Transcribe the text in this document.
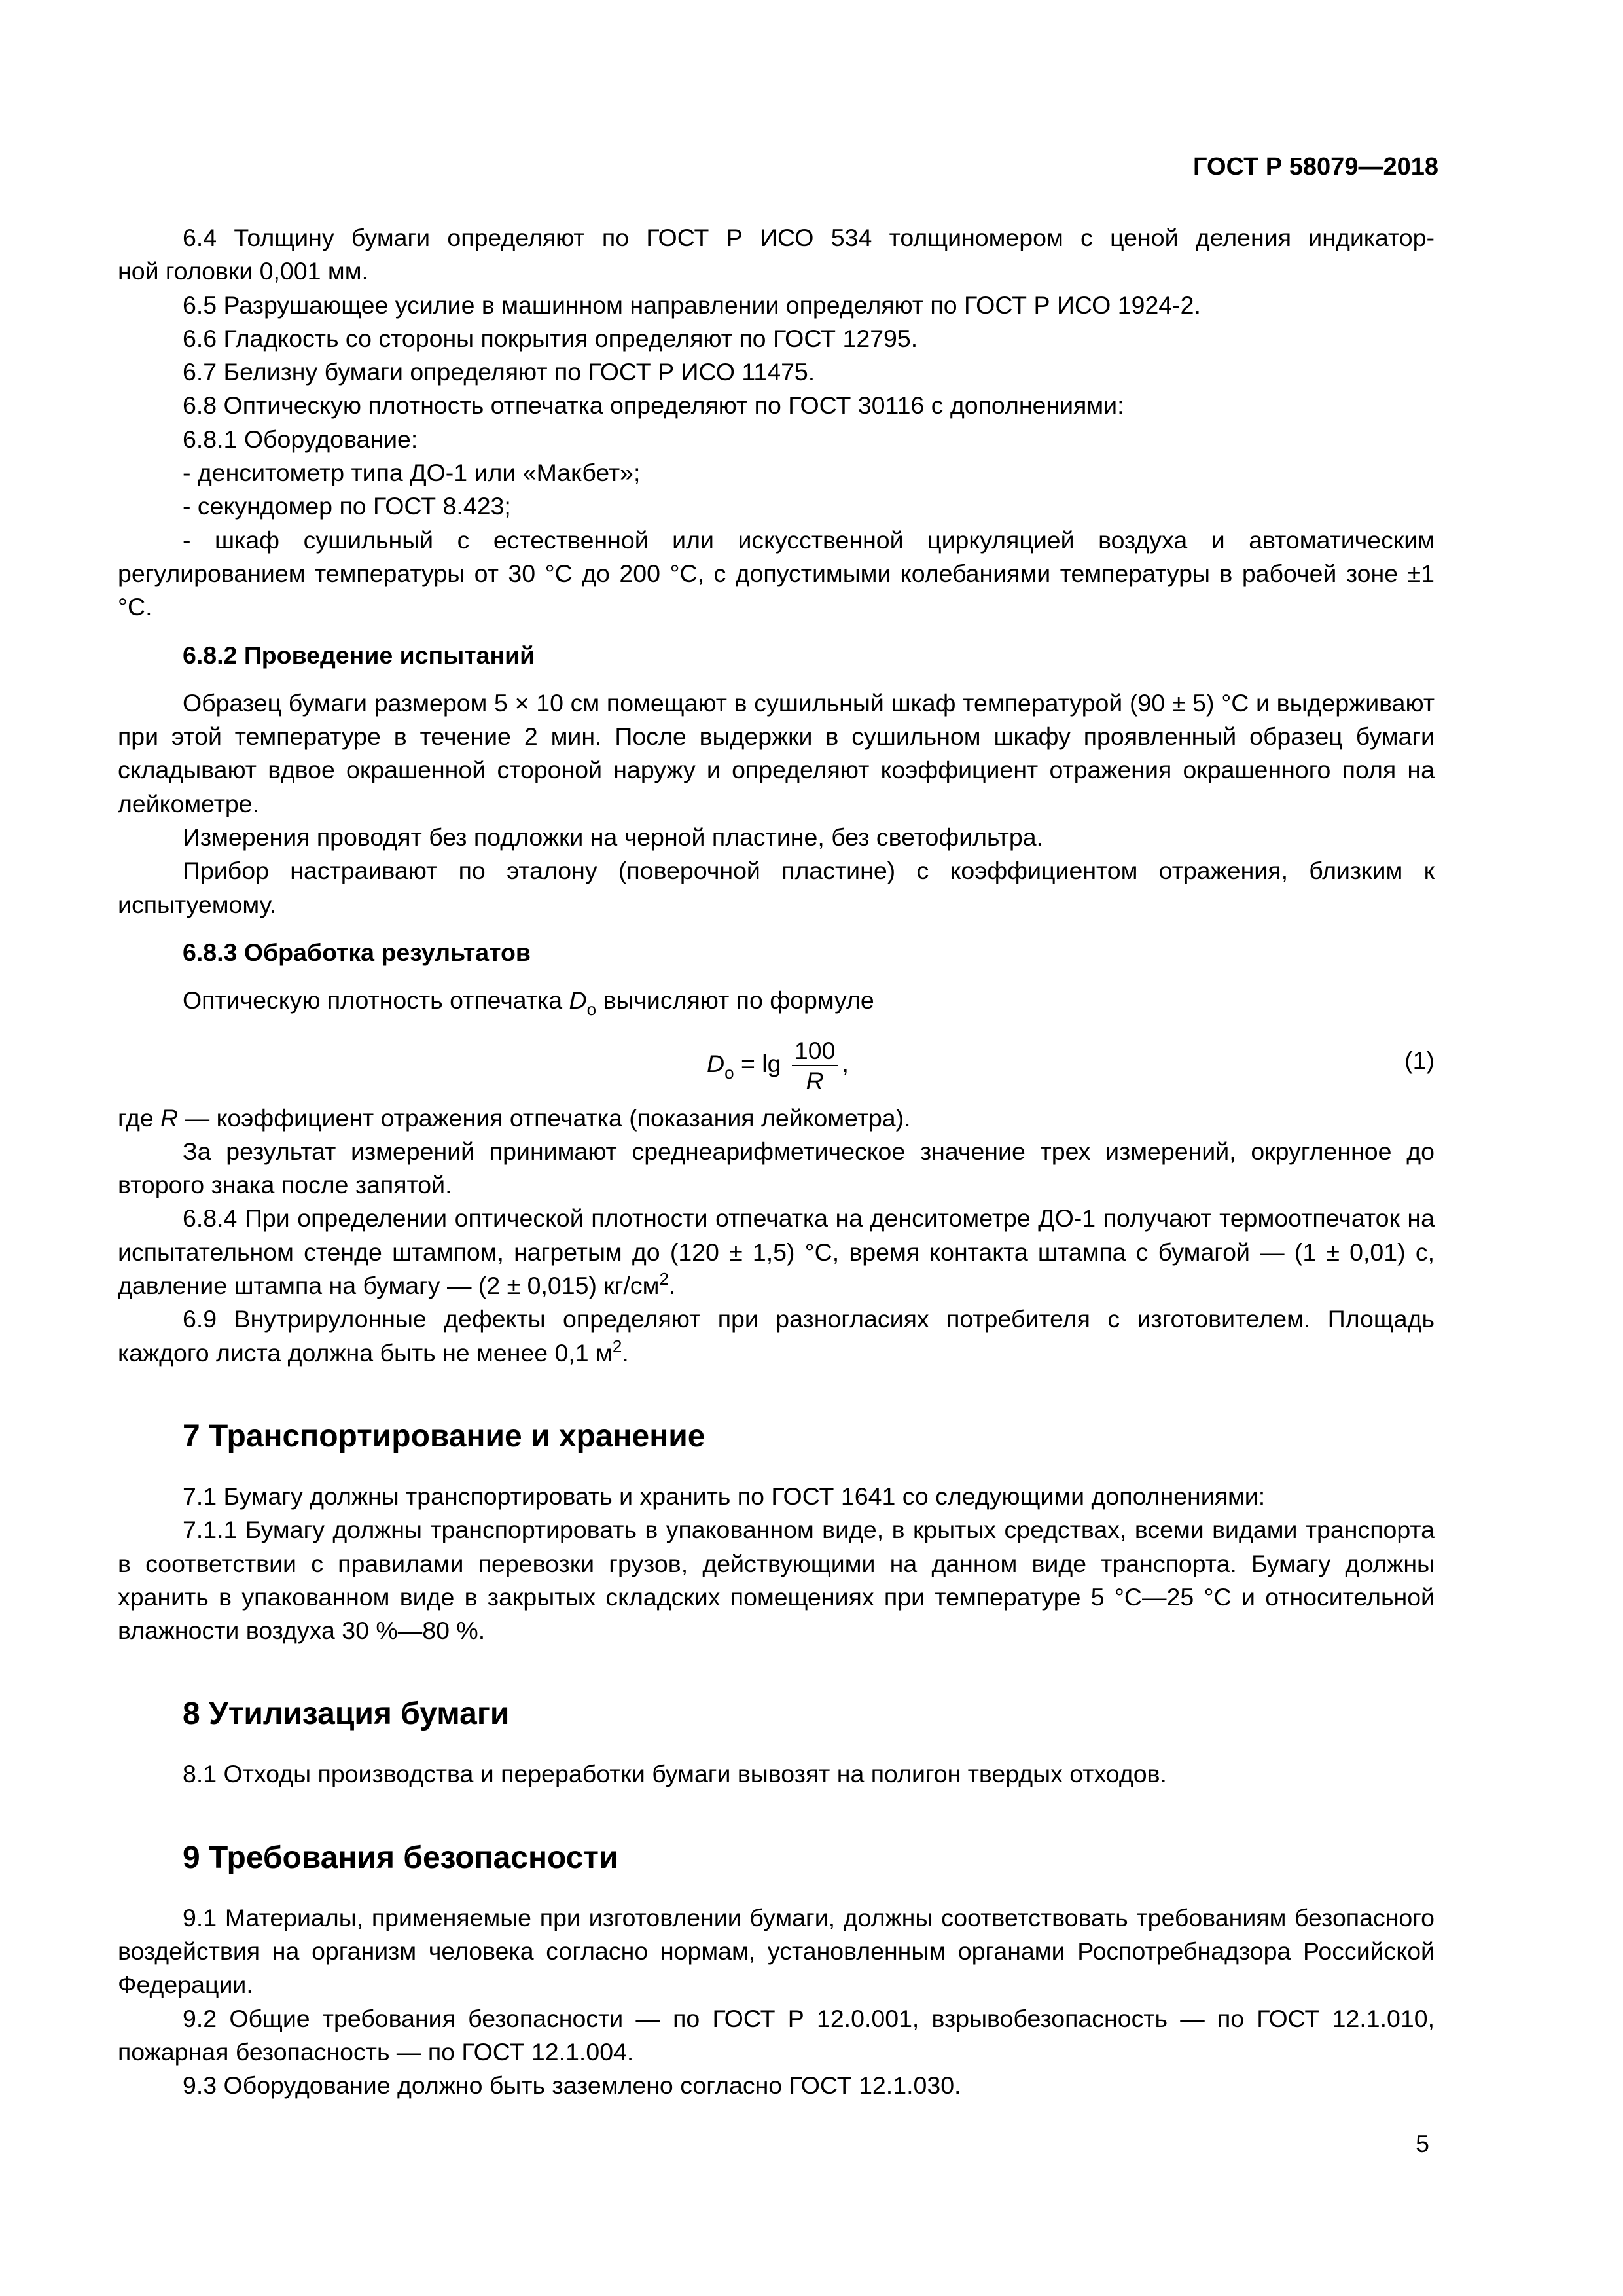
ГОСТ Р 58079—2018

6.4 Толщину бумаги определяют по ГОСТ Р ИСО 534 толщиномером с ценой деления индикатор-

ной головки 0,001 мм.

6.5 Разрушающее усилие в машинном направлении определяют по ГОСТ Р ИСО 1924-2.

6.6 Гладкость со стороны покрытия определяют по ГОСТ 12795.

6.7 Белизну бумаги определяют по ГОСТ Р ИСО 11475.

6.8 Оптическую плотность отпечатка определяют по ГОСТ 30116 с дополнениями:

6.8.1 Оборудование:

- денситометр типа ДО-1 или «Макбет»;

- секундомер по ГОСТ 8.423;

- шкаф сушильный с естественной или искусственной циркуляцией воздуха и автоматическим регулированием температуры от 30 °С до 200 °С, с допустимыми колебаниями температуры в рабочей зоне ±1 °С.

6.8.2 Проведение испытаний

Образец бумаги размером 5 × 10 см помещают в сушильный шкаф температурой (90 ± 5) °С и выдерживают при этой температуре в течение 2 мин. После выдержки в сушильном шкафу проявленный образец бумаги складывают вдвое окрашенной стороной наружу и определяют коэффициент отражения окрашенного поля на лейкометре.

Измерения проводят без подложки на черной пластине, без светофильтра.

Прибор настраивают по эталону (поверочной пластине) с коэффициентом отражения, близким к испытуемому.

6.8.3 Обработка результатов

Оптическую плотность отпечатка $D_о$ вычисляют по формуле

$D_о = \lg \frac{100}{R}$ ,	(1)

где R — коэффициент отражения отпечатка (показания лейкометра).

За результат измерений принимают среднеарифметическое значение трех измерений, округленное до второго знака после запятой.

6.8.4 При определении оптической плотности отпечатка на денситометре ДО-1 получают термоотпечаток на испытательном стенде штампом, нагретым до (120 ± 1,5) °С, время контакта штампа с бумагой — (1 ± 0,01) с, давление штампа на бумагу — (2 ± 0,015) $кг/см^2$.

6.9 Внутрирулонные дефекты определяют при разногласиях потребителя с изготовителем. Площадь каждого листа должна быть не менее 0,1 $м^2$.

7 Транспортирование и хранение

7.1 Бумагу должны транспортировать и хранить по ГОСТ 1641 со следующими дополнениями:

7.1.1 Бумагу должны транспортировать в упакованном виде, в крытых средствах, всеми видами транспорта в соответствии с правилами перевозки грузов, действующими на данном виде транспорта. Бумагу должны хранить в упакованном виде в закрытых складских помещениях при температуре 5 °С—25 °С и относительной влажности воздуха 30 %—80 %.

8 Утилизация бумаги

8.1 Отходы производства и переработки бумаги вывозят на полигон твердых отходов.

9 Требования безопасности

9.1 Материалы, применяемые при изготовлении бумаги, должны соответствовать требованиям безопасного воздействия на организм человека согласно нормам, установленным органами Роспотребнадзора Российской Федерации.

9.2 Общие требования безопасности — по ГОСТ Р 12.0.001, взрывобезопасность — по ГОСТ 12.1.010, пожарная безопасность — по ГОСТ 12.1.004.

9.3 Оборудование должно быть заземлено согласно ГОСТ 12.1.030.

5
